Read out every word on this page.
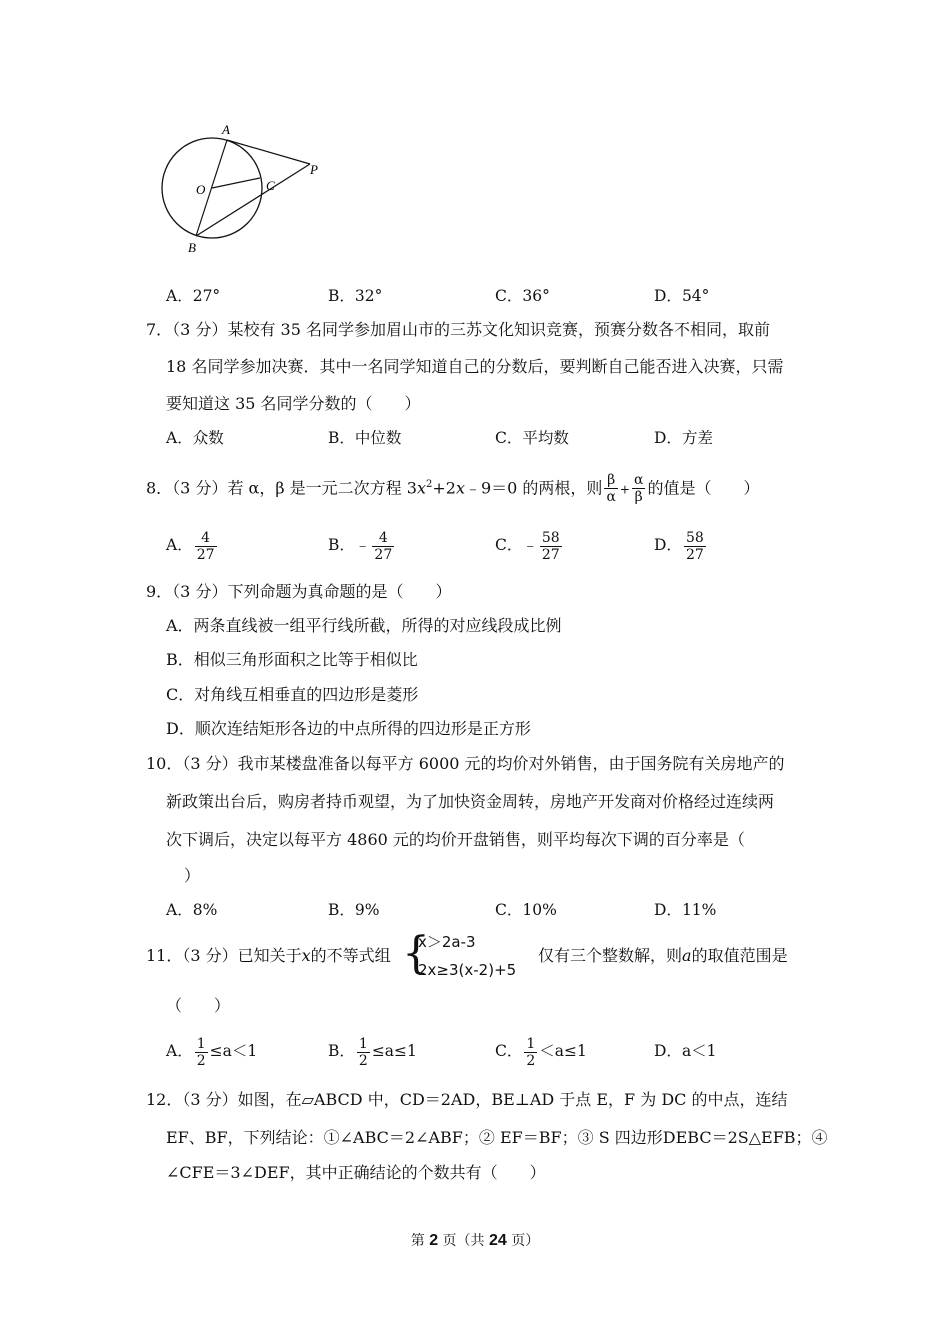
A
O	C
B
P
A．27°	B．32°	C．36°	D．54°
7．（3 分）某校有 35 名同学参加眉山市的三苏文化知识竞赛，预赛分数各不相同，取前
18 名同学参加决赛．其中一名同学知道自己的分数后，要判断自己能否进入决赛，只需
要知道这 35 名同学分数的（　　）
A．众数	B．中位数	C．平均数	D．方差
8．（3 分）若 α，β 是一元二次方程 $3x^2+2x﹣9=0$ 的两根，则 $\frac{\beta}{\alpha} + \frac{\alpha}{\beta}$ 的值是（　　）
A． $\frac{4}{27}$	B．﹣ $\frac{4}{27}$	C．﹣ $\frac{58}{27}$	D． $\frac{58}{27}$
9．（3 分）下列命题为真命题的是（　　）
A．两条直线被一组平行线所截，所得的对应线段成比例
B．相似三角形面积之比等于相似比
C．对角线互相垂直的四边形是菱形
D．顺次连结矩形各边的中点所得的四边形是正方形
10．（3 分）我市某楼盘准备以每平方 6000 元的均价对外销售，由于国务院有关房地产的
新政策出台后，购房者持币观望，为了加快资金周转，房地产开发商对价格经过连续两
次下调后，决定以每平方 4860 元的均价开盘销售，则平均每次下调的百分率是（
）
A．8%	B．9%	C．10%	D．11%
11．（3 分）已知关于x的不等式组 {
x＞2a-3
2x≥3(x-2)+5
仅有三个整数解，则a的取值范围是
（　　）
A． $\frac{1}{2} \le a<1$	B． $\frac{1}{2} \le a\le 1$	C． $\frac{1}{2} <a\le 1$	D．a＜1
12．（3 分）如图，在▱ABCD 中，CD＝2AD，BE⊥AD 于点 E，F 为 DC 的中点，连结
EF、BF，下列结论：①∠ABC＝2∠ABF；② EF＝BF；③ S 四边形DEBC＝2S△EFB；④
∠CFE＝3∠DEF，其中正确结论的个数共有（　　）
第 2 页（共 24 页）
